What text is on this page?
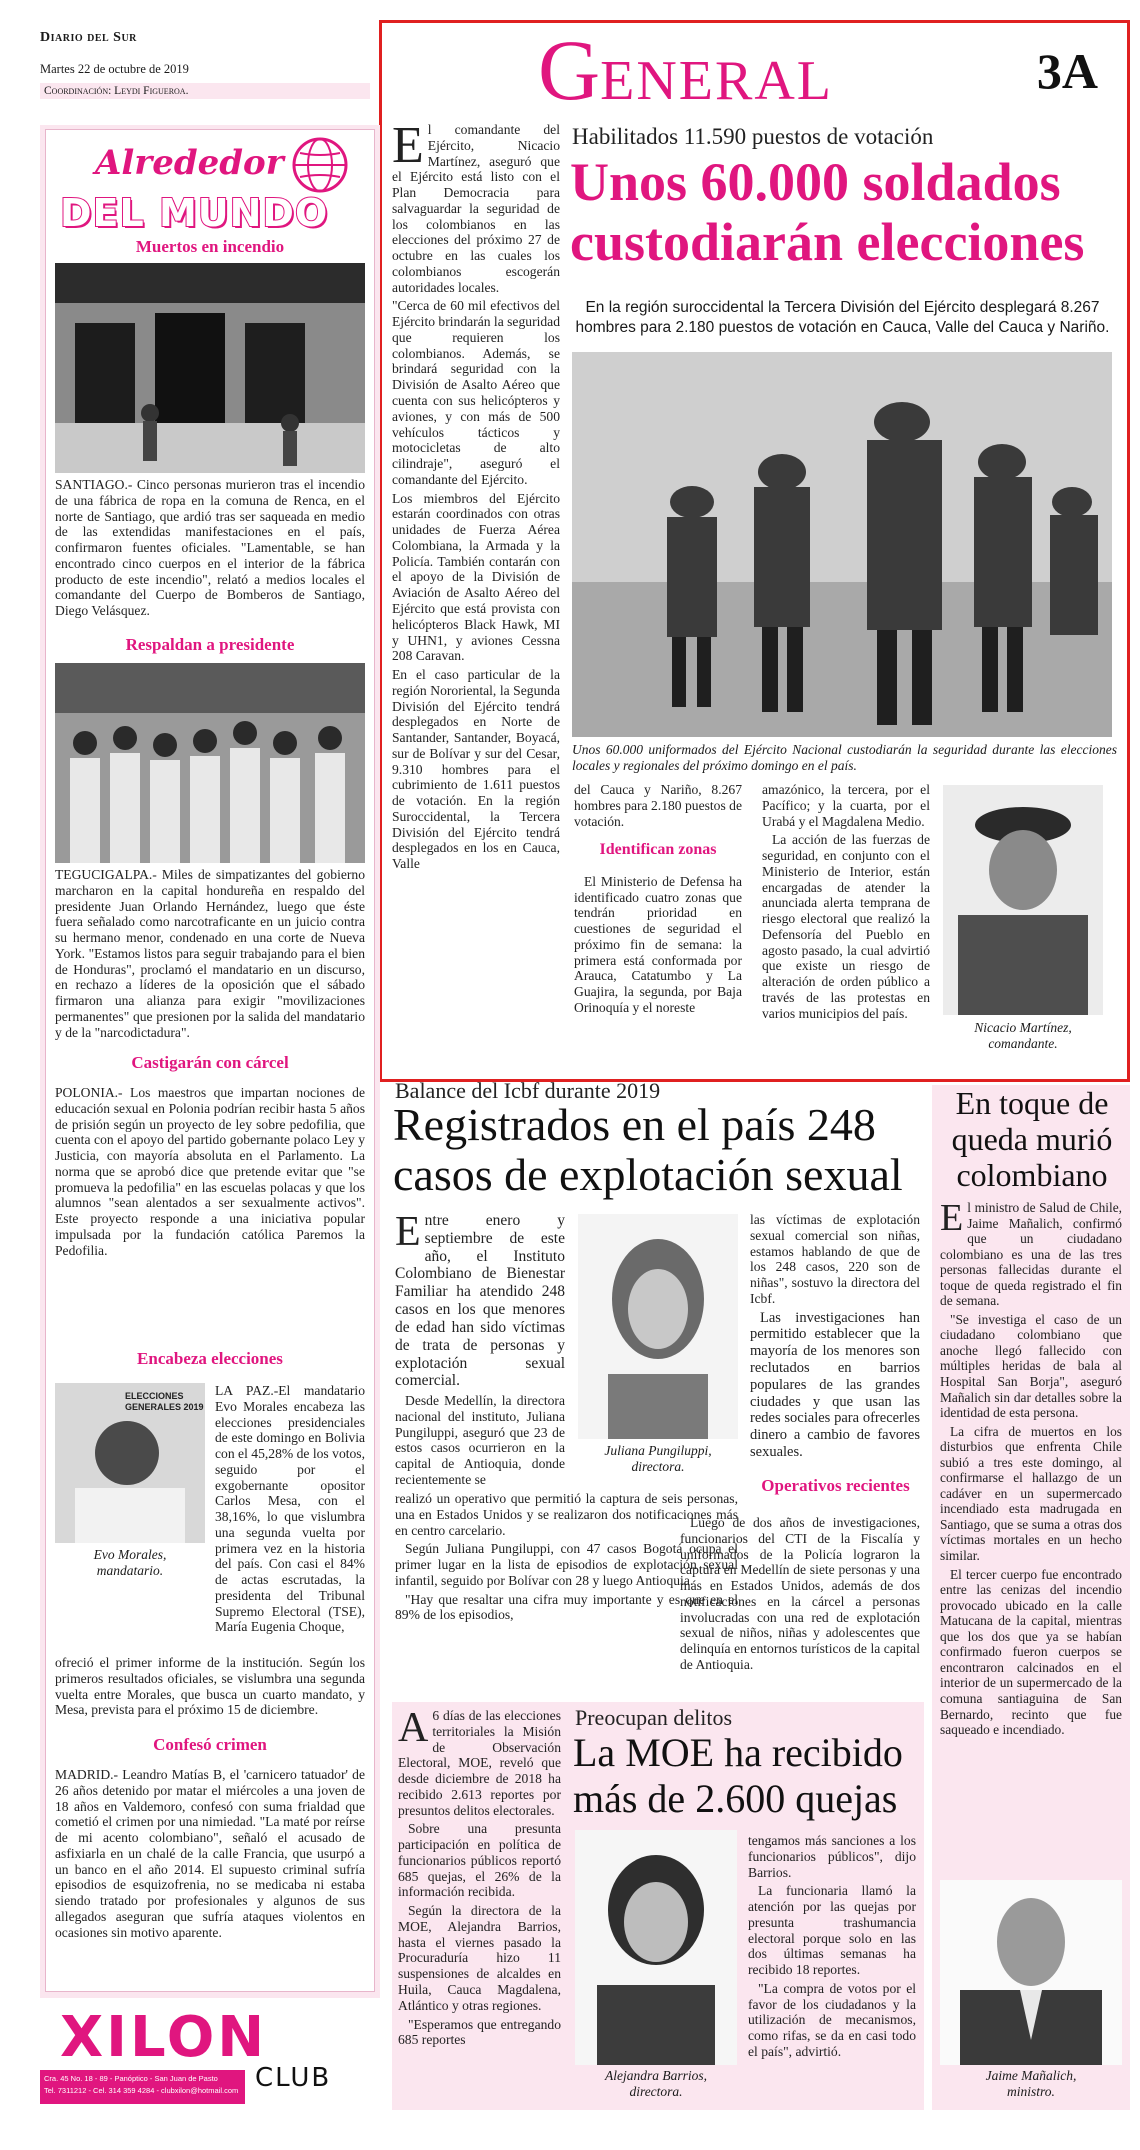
Diario del Sur
Martes 22 de octubre de 2019
Coordinación: Leydi Figueroa.	GENERAL	3A
Alrededor
DEL MUNDO
Muertos en incendio
SANTIAGO.- Cinco personas murieron tras el incendio de una fábrica de ropa en la comuna de Renca, en el norte de Santiago, que ardió tras ser saqueada en medio de las extendidas manifestaciones en el país, confirmaron fuentes oficiales. "Lamentable, se han encontrado cinco cuerpos en el interior de la fábrica producto de este incendio", relató a medios locales el comandante del Cuerpo de Bomberos de Santiago, Diego Velásquez.
Respaldan a presidente
TEGUCIGALPA.- Miles de simpatizantes del gobierno marcharon en la capital hondureña en respaldo del presidente Juan Orlando Hernández, luego que éste fuera señalado como narcotraficante en un juicio contra su hermano menor, condenado en una corte de Nueva York. "Estamos listos para seguir trabajando para el bien de Honduras", proclamó el mandatario en un discurso, en rechazo a líderes de la oposición que el sábado firmaron una alianza para exigir "movilizaciones permanentes" que presionen por la salida del mandatario y de la "narcodictadura".
Castigarán con cárcel
POLONIA.- Los maestros que impartan nociones de educación sexual en Polonia podrían recibir hasta 5 años de prisión según un proyecto de ley sobre pedofilia, que cuenta con el apoyo del partido gobernante polaco Ley y Justicia, con mayoría absoluta en el Parlamento. La norma que se aprobó dice que pretende evitar que "se promueva la pedofilia" en las escuelas polacas y que los alumnos "sean alentados a ser sexualmente activos". Este proyecto responde a una iniciativa popular impulsada por la fundación católica Paremos la Pedofilia.
Encabeza elecciones
ELECCIONES
GENERALES 2019
Evo Morales,
mandatario.
LA PAZ.-El mandatario Evo Morales encabeza las elecciones presidenciales de este domingo en Bolivia con el 45,28% de los votos, seguido por el exgobernante opositor Carlos Mesa, con el 38,16%, lo que vislumbra una segunda vuelta por primera vez en la historia del país. Con casi el 84% de actas escrutadas, la presidenta del Tribunal Supremo Electoral (TSE), María Eugenia Choque,
ofreció el primer informe de la institución. Según los primeros resultados oficiales, se vislumbra una segunda vuelta entre Morales, que busca un cuarto mandato, y Mesa, prevista para el próximo 15 de diciembre.
Confesó crimen
MADRID.- Leandro Matías B, el 'carnicero tatuador' de 26 años detenido por matar el miércoles a una joven de 18 años en Valdemoro, confesó con suma frialdad que cometió el crimen por una nimiedad. "La maté por reírse de mi acento colombiano", señaló el acusado de asfixiarla en un chalé de la calle Francia, que usurpó a un banco en el año 2014. El supuesto criminal sufría episodios de esquizofrenia, no se medicaba ni estaba siendo tratado por profesionales y algunos de sus allegados aseguran que sufría ataques violentos en ocasiones sin motivo aparente.
XILON
CLUB
Cra. 45 No. 18 - 89 - Panóptico - San Juan de Pasto
Tel. 7311212 - Cel. 314 359 4284 - clubxilon@hotmail.com
E l comandante del Ejército, Nicacio Martínez, aseguró que el Ejército está listo con el Plan Democracia para salvaguardar la seguridad de los colombianos en las elecciones del próximo 27 de octubre en las cuales los colombianos escogerán autoridades locales.

"Cerca de 60 mil efectivos del Ejército brindarán la seguridad que requieren los colombianos. Además, se brindará seguridad con la División de Asalto Aéreo que cuenta con sus helicópteros y aviones, y con más de 500 vehículos tácticos y motocicletas de alto cilindraje", aseguró el comandante del Ejército.

Los miembros del Ejército estarán coordinados con otras unidades de Fuerza Aérea Colombiana, la Armada y la Policía. También contarán con el apoyo de la División de Aviación de Asalto Aéreo del Ejército que está provista con helicópteros Black Hawk, MI y UHN1, y aviones Cessna 208 Caravan.

En el caso particular de la región Nororiental, la Segunda División del Ejército tendrá desplegados en Norte de Santander, Santander, Boyacá, sur de Bolívar y sur del Cesar, 9.310 hombres para el cubrimiento de 1.611 puestos de votación. En la región Suroccidental, la Tercera División del Ejército tendrá desplegados en los en Cauca, Valle

Habilitados 11.590 puestos de votación
Unos 60.000 soldados
custodiarán elecciones
En la región suroccidental la Tercera División del Ejército desplegará 8.267 hombres para 2.180 puestos de votación en Cauca, Valle del Cauca y Nariño.
Unos 60.000 uniformados del Ejército Nacional custodiarán la seguridad durante las elecciones locales y regionales del próximo domingo en el país.

del Cauca y Nariño, 8.267 hombres para 2.180 puestos de votación.

Identifican zonas

El Ministerio de Defensa ha identificado cuatro zonas que tendrán prioridad en cuestiones de seguridad el próximo fin de semana: la primera está conformada por Arauca, Catatumbo y La Guajira, la segunda, por Baja Orinoquía y el noreste

amazónico, la tercera, por el Pacífico; y la cuarta, por el Urabá y el Magdalena Medio.

La acción de las fuerzas de seguridad, en conjunto con el Ministerio de Interior, están encargadas de atender la anunciada alerta temprana de riesgo electoral que realizó la Defensoría del Pueblo en agosto pasado, la cual advirtió que existe un riesgo de alteración de orden público a través de las protestas en varios municipios del país.

Nicacio Martínez,
comandante.
Balance del Icbf durante 2019
Registrados en el país 248
casos de explotación sexual
E ntre enero y septiembre de este año, el Instituto Colombiano de Bienestar Familiar ha atendido 248 casos en los que menores de edad han sido víctimas de trata de personas y explotación sexual comercial.

Desde Medellín, la directora nacional del instituto, Juliana Pungiluppi, aseguró que 23 de estos casos ocurrieron en la capital de Antioquia, donde recientemente se

Juliana Pungiluppi,
directora.

realizó un operativo que permitió la captura de seis personas, una en Estados Unidos y se realizaron dos notificaciones más en centro carcelario.

Según Juliana Pungiluppi, con 47 casos Bogotá ocupa el primer lugar en la lista de episodios de explotación sexual infantil, seguido por Bolívar con 28 y luego Antioquia.

"Hay que resaltar una cifra muy importante y es que en el 89% de los episodios,

las víctimas de explotación sexual comercial son niñas, estamos hablando de que de los 248 casos, 220 son de niñas", sostuvo la directora del Icbf.

Las investigaciones han permitido establecer que la mayoría de los menores son reclutados en barrios populares de las grandes ciudades y que usan las redes sociales para ofrecerles dinero a cambio de favores sexuales.

Operativos recientes
Luego de dos años de investigaciones, funcionarios del CTI de la Fiscalía y uniformados de la Policía lograron la captura en Medellín de siete personas y una más en Estados Unidos, además de dos notificaciones en la cárcel a personas involucradas con una red de explotación sexual de niños, niñas y adolescentes que delinquía en entornos turísticos de la capital de Antioquia.
En toque de
queda murió
colombiano
E l ministro de Salud de Chile, Jaime Mañalich, confirmó que un ciudadano colombiano es una de las tres personas fallecidas durante el toque de queda registrado el fin de semana.

"Se investiga el caso de un ciudadano colombiano que anoche llegó fallecido con múltiples heridas de bala al Hospital San Borja", aseguró Mañalich sin dar detalles sobre la identidad de esta persona.

La cifra de muertos en los disturbios que enfrenta Chile subió a tres este domingo, al confirmarse el hallazgo de un cadáver en un supermercado incendiado esta madrugada en Santiago, que se suma a otras dos víctimas mortales en un hecho similar.

El tercer cuerpo fue encontrado entre las cenizas del incendio provocado ubicado en la calle Matucana de la capital, mientras que los dos que ya se habían confirmado fueron cuerpos se encontraron calcinados en el interior de un supermercado de la comuna santiaguina de San Bernardo, recinto que fue saqueado e incendiado.

Jaime Mañalich,
ministro.
A 6 días de las elecciones territoriales la Misión de Observación Electoral, MOE, reveló que desde diciembre de 2018 ha recibido 2.613 reportes por presuntos delitos electorales.

Sobre una presunta participación en política de funcionarios públicos reportó 685 quejas, el 26% de la información recibida.

Según la directora de la MOE, Alejandra Barrios, hasta el viernes pasado la Procuraduría hizo 11 suspensiones de alcaldes en Huila, Cauca Magdalena, Atlántico y otras regiones.

"Esperamos que entregando 685 reportes

Preocupan delitos
La MOE ha recibido
más de 2.600 quejas
Alejandra Barrios,
directora.

tengamos más sanciones a los funcionarios públicos", dijo Barrios.

La funcionaria llamó la atención por las quejas por presunta trashumancia electoral porque solo en las dos últimas semanas ha recibido 18 reportes.

"La compra de votos por el favor de los ciudadanos y la utilización de mecanismos, como rifas, se da en casi todo el país", advirtió.
